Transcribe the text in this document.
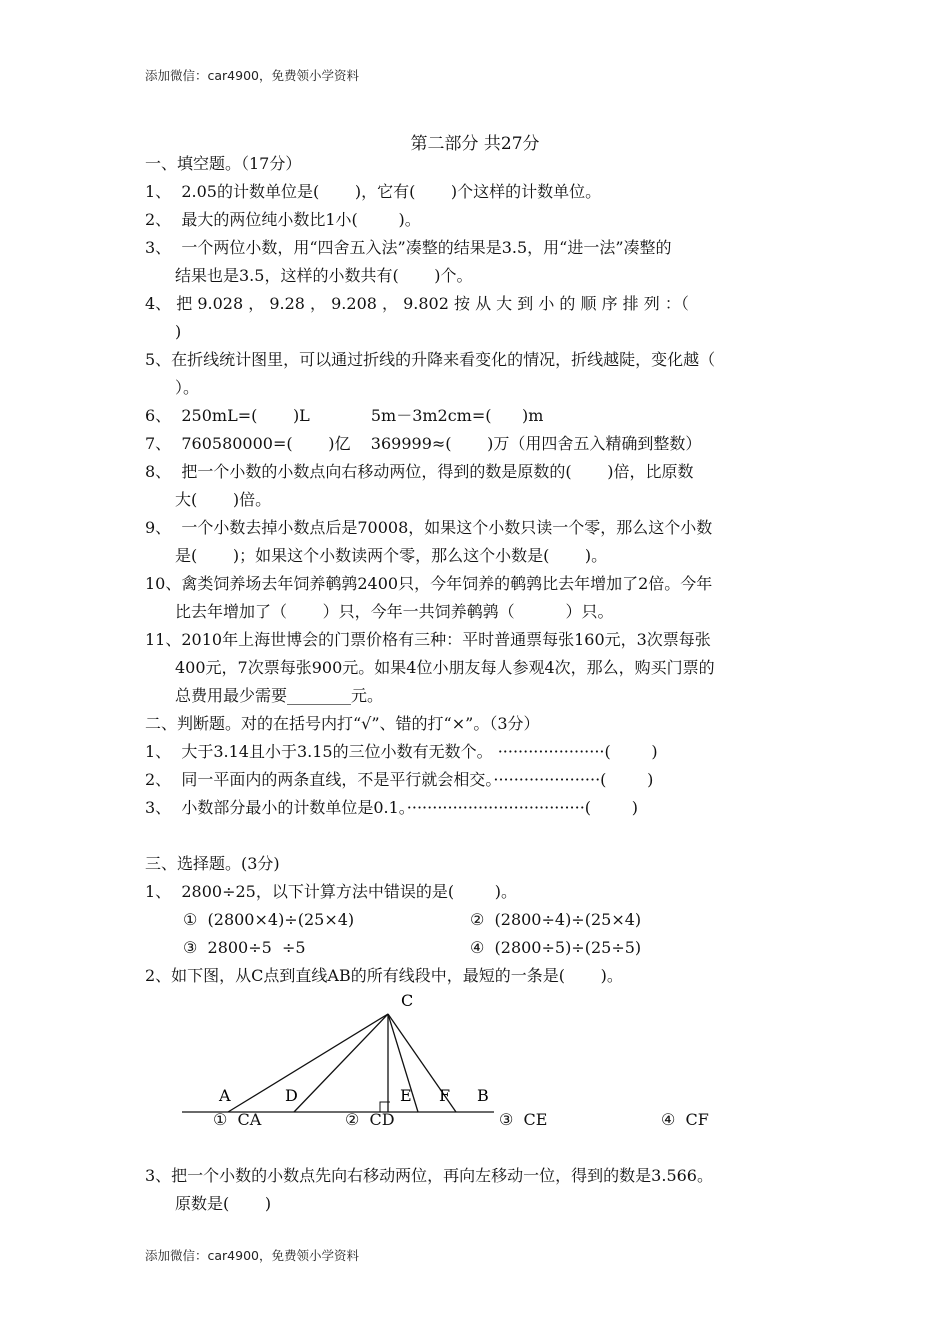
添加微信：car4900，免费领小学资料
第二部分 共27分
一、填空题。（17分）
1、  2.05的计数单位是(       )，它有(       )个这样的计数单位。
2、  最大的两位纯小数比1小(        )。
3、  一个两位小数，用“四舍五入法”凑整的结果是3.5，用“进一法”凑整的
结果也是3.5，这样的小数共有(       )个。
4、 把 9.028 ， 9.28 ， 9.208 ， 9.802 按 从 大 到 小 的 顺 序 排 列 ：（
)
5、在折线统计图里，可以通过折线的升降来看变化的情况，折线越陡，变化越（
）。
6、  250mL=(       )L            5m－3m2cm=(      )m
7、  760580000=(       )亿    369999≈(       )万（用四舍五入精确到整数）
8、  把一个小数的小数点向右移动两位，得到的数是原数的(       )倍，比原数
大(       )倍。
9、  一个小数去掉小数点后是70008，如果这个小数只读一个零，那么这个小数
是(       )；如果这个小数读两个零，那么这个小数是(       )。
10、禽类饲养场去年饲养鹌鹑2400只，今年饲养的鹌鹑比去年增加了2倍。今年
比去年增加了（       ）只，今年一共饲养鹌鹑（          ）只。
11、2010年上海世博会的门票价格有三种：平时普通票每张160元，3次票每张
400元，7次票每张900元。如果4位小朋友每人参观4次，那么，购买门票的
总费用最少需要________元。
二、判断题。对的在括号内打“√”、错的打“×”。（3分）
1、  大于3.14且小于3.15的三位小数有无数个。 ·····················(        )
2、  同一平面内的两条直线，不是平行就会相交。·····················(        )
3、  小数部分最小的计数单位是0.1。···································(        )
三、选择题。(3分)
1、  2800÷25，以下计算方法中错误的是(        )。
①  (2800×4)÷(25×4)	②  (2800÷4)÷(25×4)
③  2800÷5  ÷5	④  (2800÷5)÷(25÷5)
2、如下图，从C点到直线AB的所有线段中，最短的一条是(       )。
C
A	D	E F B
①  CA	②  CD	③  CE	④  CF
3、把一个小数的小数点先向右移动两位，再向左移动一位，得到的数是3.566。
原数是(       )
添加微信：car4900，免费领小学资料
